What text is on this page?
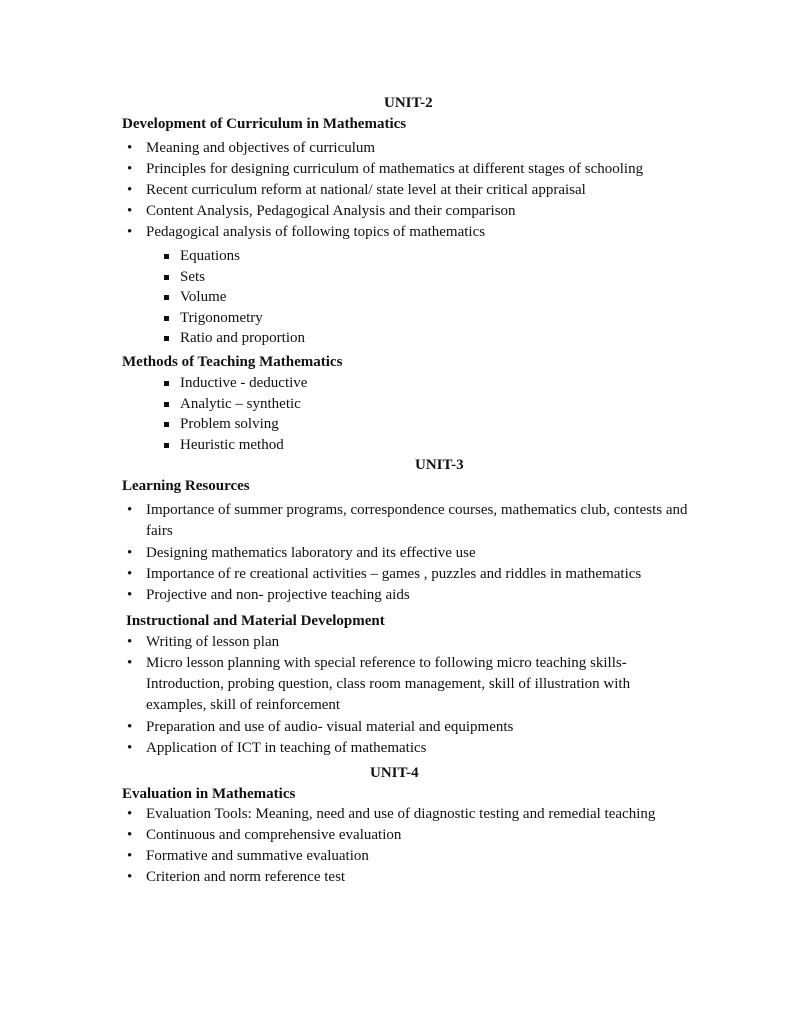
UNIT-2
Development of Curriculum in Mathematics
• Meaning and objectives of curriculum
• Principles for designing curriculum of mathematics at different stages of schooling
• Recent curriculum reform at national/ state level at their critical appraisal
• Content Analysis, Pedagogical Analysis and their comparison
• Pedagogical analysis of following topics of mathematics
Equations
Sets
Volume
Trigonometry
Ratio and proportion
Methods of Teaching Mathematics
Inductive - deductive
Analytic – synthetic
Problem solving
Heuristic method
UNIT-3
Learning Resources
• Importance of summer programs, correspondence courses, mathematics club, contests and fairs
• Designing mathematics laboratory and its effective use
• Importance of re creational activities – games , puzzles and riddles in mathematics
• Projective and non- projective teaching aids
Instructional and Material Development
• Writing of lesson plan
• Micro lesson planning with special reference to following micro teaching skills- Introduction, probing question, class room management, skill of illustration with examples, skill of reinforcement
• Preparation and use of audio- visual material and equipments
• Application of ICT in teaching of mathematics
UNIT-4
Evaluation in Mathematics
• Evaluation Tools: Meaning, need and use of diagnostic testing and remedial teaching
• Continuous and comprehensive evaluation
• Formative and summative evaluation
• Criterion and norm reference test
